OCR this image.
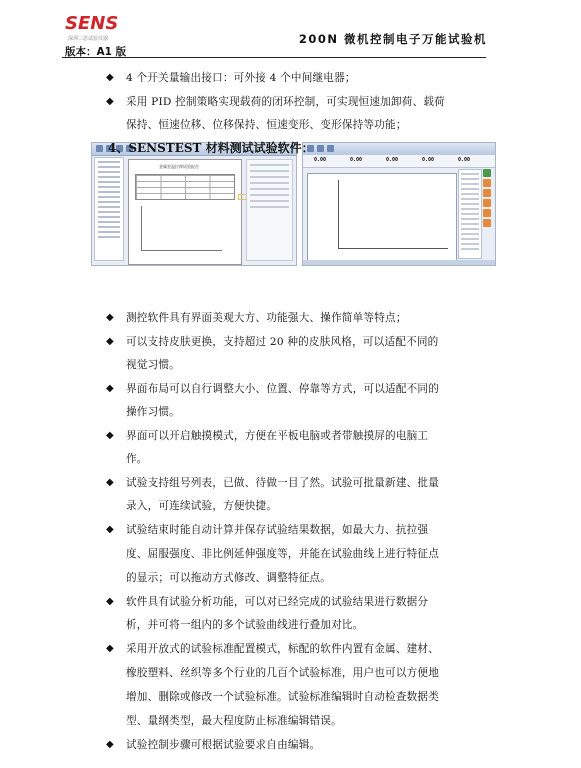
SENS
深圳三思试验仪器
版本：A1 版
200N 微机控制电子万能试验机
◆ 4 个开关量输出接口：可外接 4 个中间继电器；
◆ 采用 PID 控制策略实现载荷的闭环控制，可实现恒速加卸荷、载荷
保持、恒速位移、位移保持、恒速变形、变形保持等功能；
金属室温拉伸试验报告
0.00	0.00	0.00	0.00	0.00
4、SENSTEST 材料测试试验软件：
◆ 测控软件具有界面美观大方、功能强大、操作简单等特点；
◆ 可以支持皮肤更换，支持超过 20 种的皮肤风格，可以适配不同的
视觉习惯。
◆ 界面布局可以自行调整大小、位置、停靠等方式，可以适配不同的
操作习惯。
◆ 界面可以开启触摸模式，方便在平板电脑或者带触摸屏的电脑工
作。
◆ 试验支持组号列表，已做、待做一目了然。试验可批量新建、批量
录入，可连续试验，方便快捷。
◆ 试验结束时能自动计算并保存试验结果数据，如最大力、抗拉强
度、屈服强度、非比例延伸强度等，并能在试验曲线上进行特征点
的显示；可以拖动方式修改、调整特征点。
◆ 软件具有试验分析功能，可以对已经完成的试验结果进行数据分
析，并可将一组内的多个试验曲线进行叠加对比。
◆ 采用开放式的试验标准配置模式，标配的软件内置有金属、建材、
橡胶塑料、丝织等多个行业的几百个试验标准，用户也可以方便地
增加、删除或修改一个试验标准。试验标准编辑时自动检查数据类
型、量纲类型，最大程度防止标准编辑错误。
◆ 试验控制步骤可根据试验要求自由编辑。
